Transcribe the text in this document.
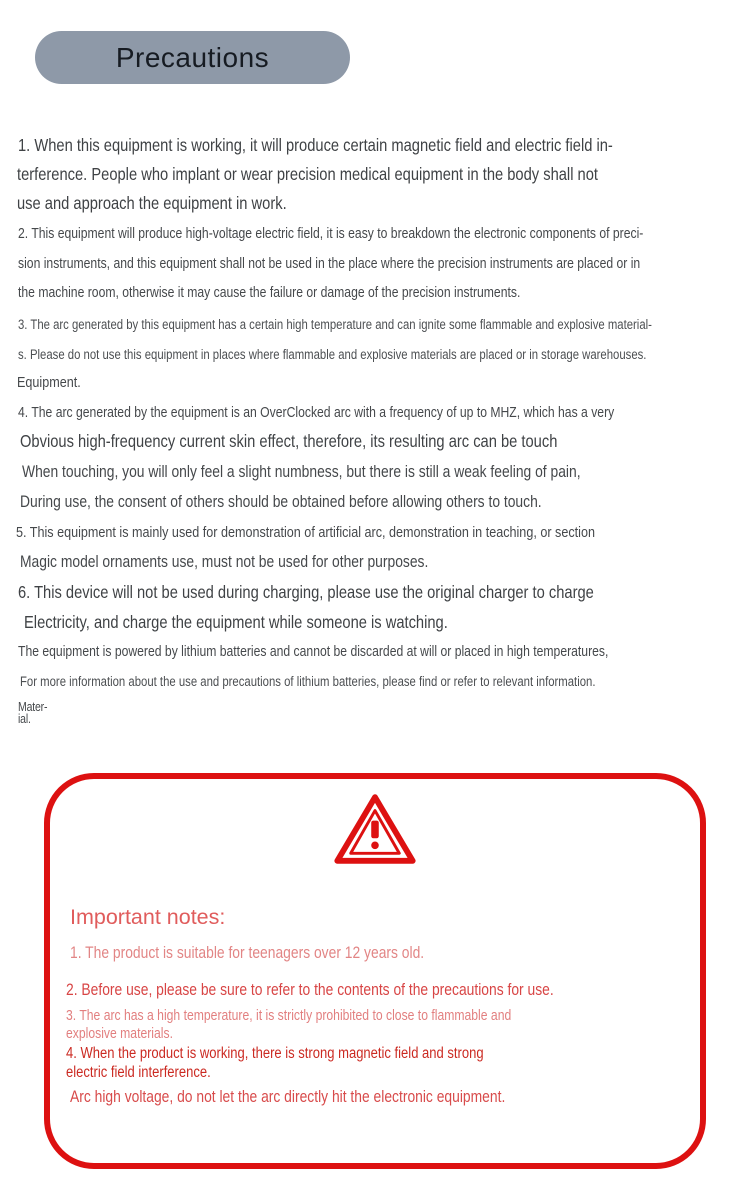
Precautions
1. When this equipment is working, it will produce certain magnetic field and electric field in-
terference. People who implant or wear precision medical equipment in the body shall not
use and approach the equipment in work.
2. This equipment will produce high-voltage electric field, it is easy to breakdown the electronic components of preci-
sion instruments, and this equipment shall not be used in the place where the precision instruments are placed or in
the machine room, otherwise it may cause the failure or damage of the precision instruments.
3. The arc generated by this equipment has a certain high temperature and can ignite some flammable and explosive material-
s. Please do not use this equipment in places where flammable and explosive materials are placed or in storage warehouses.
Equipment.
4. The arc generated by the equipment is an OverClocked arc with a frequency of up to MHZ, which has a very
Obvious high-frequency current skin effect, therefore, its resulting arc can be touch
When touching, you will only feel a slight numbness, but there is still a weak feeling of pain,
During use, the consent of others should be obtained before allowing others to touch.
5. This equipment is mainly used for demonstration of artificial arc, demonstration in teaching, or section
Magic model ornaments use, must not be used for other purposes.
6. This device will not be used during charging, please use the original charger to charge
Electricity, and charge the equipment while someone is watching.
The equipment is powered by lithium batteries and cannot be discarded at will or placed in high temperatures,
For more information about the use and precautions of lithium batteries, please find or refer to relevant information.
Mater-
ial.
Important notes:
1. The product is suitable for teenagers over 12 years old.
2. Before use, please be sure to refer to the contents of the precautions for use.
3. The arc has a high temperature, it is strictly prohibited to close to flammable and
explosive materials.
4. When the product is working, there is strong magnetic field and strong
electric field interference.
Arc high voltage, do not let the arc directly hit the electronic equipment.
